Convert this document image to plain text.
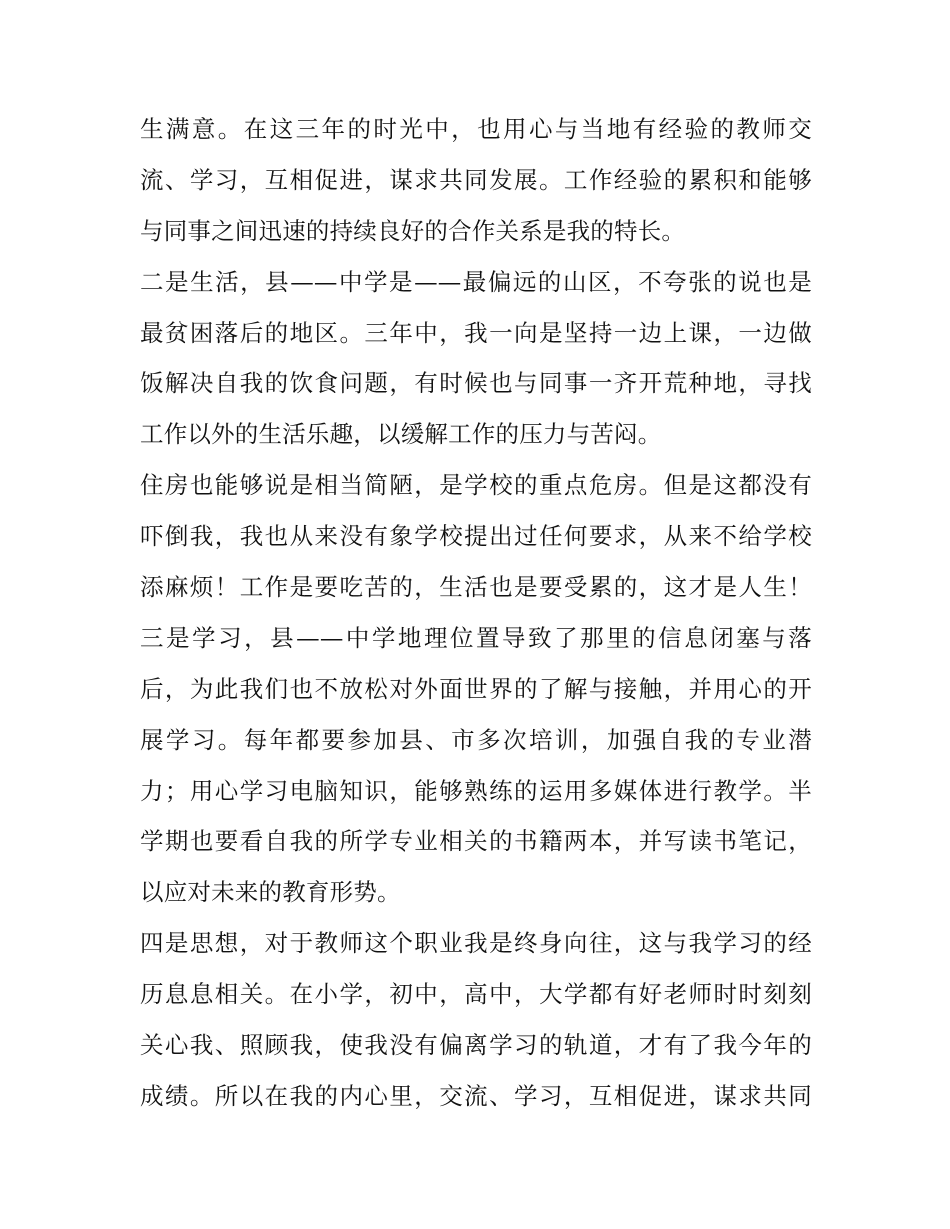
生满意。在这三年的时光中，也用心与当地有经验的教师交
流、学习，互相促进，谋求共同发展。工作经验的累积和能够
与同事之间迅速的持续良好的合作关系是我的特长。
二是生活，县——中学是——最偏远的山区，不夸张的说也是
最贫困落后的地区。三年中，我一向是坚持一边上课，一边做
饭解决自我的饮食问题，有时候也与同事一齐开荒种地，寻找
工作以外的生活乐趣，以缓解工作的压力与苦闷。
住房也能够说是相当简陋，是学校的重点危房。但是这都没有
吓倒我，我也从来没有象学校提出过任何要求，从来不给学校
添麻烦！工作是要吃苦的，生活也是要受累的，这才是人生！
三是学习，县——中学地理位置导致了那里的信息闭塞与落
后，为此我们也不放松对外面世界的了解与接触，并用心的开
展学习。每年都要参加县、市多次培训，加强自我的专业潜
力；用心学习电脑知识，能够熟练的运用多媒体进行教学。半
学期也要看自我的所学专业相关的书籍两本，并写读书笔记，
以应对未来的教育形势。
四是思想，对于教师这个职业我是终身向往，这与我学习的经
历息息相关。在小学，初中，高中，大学都有好老师时时刻刻
关心我、照顾我，使我没有偏离学习的轨道，才有了我今年的
成绩。所以在我的内心里，交流、学习，互相促进，谋求共同
